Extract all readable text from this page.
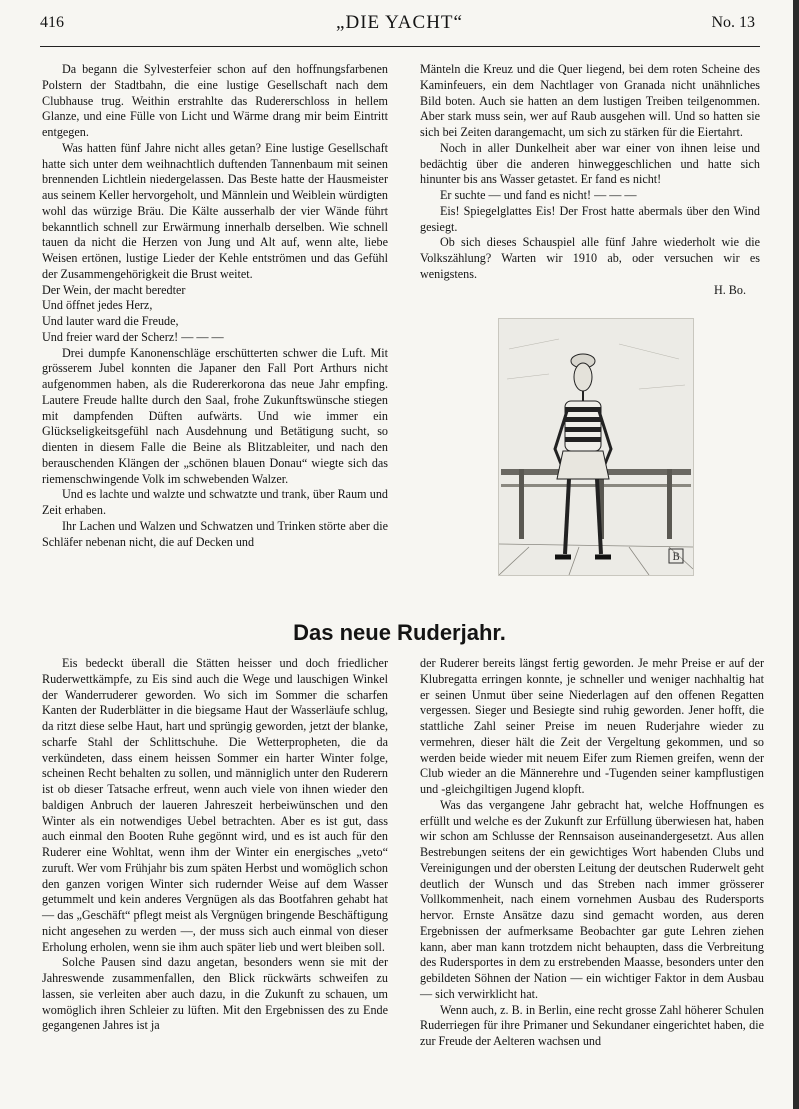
416	„DIE YACHT“	No. 13

Da begann die Sylvesterfeier schon auf den hoffnungsfarbenen Polstern der Stadtbahn, die eine lustige Gesellschaft nach dem Clubhause trug. Weithin erstrahlte das Rudererschloss in hellem Glanze, und eine Fülle von Licht und Wärme drang mir beim Eintritt entgegen.

Was hatten fünf Jahre nicht alles getan? Eine lustige Gesellschaft hatte sich unter dem weihnachtlich duftenden Tannenbaum mit seinen brennenden Lichtlein niedergelassen. Das Beste hatte der Hausmeister aus seinem Keller hervorgeholt, und Männlein und Weiblein würdigten wohl das würzige Bräu. Die Kälte ausserhalb der vier Wände führt bekanntlich schnell zur Erwärmung innerhalb derselben. Wie schnell tauen da nicht die Herzen von Jung und Alt auf, wenn alte, liebe Weisen ertönen, lustige Lieder der Kehle entströmen und das Gefühl der Zusammengehörigkeit die Brust weitet.

Der Wein, der macht beredter

Und öffnet jedes Herz,

Und lauter ward die Freude,

Und freier ward der Scherz! — — —

Drei dumpfe Kanonenschläge erschütterten schwer die Luft. Mit grösserem Jubel konnten die Japaner den Fall Port Arthurs nicht aufgenommen haben, als die Rudererkorona das neue Jahr empfing. Lautere Freude hallte durch den Saal, frohe Zukunftswünsche stiegen mit dampfenden Düften aufwärts. Und wie immer ein Glückseligkeitsgefühl nach Ausdehnung und Betätigung sucht, so dienten in diesem Falle die Beine als Blitzableiter, und nach den berauschenden Klängen der „schönen blauen Donau“ wiegte sich das riemenschwingende Volk im schwebenden Walzer.

Und es lachte und walzte und schwatzte und trank, über Raum und Zeit erhaben.

Ihr Lachen und Walzen und Schwatzen und Trinken störte aber die Schläfer nebenan nicht, die auf Decken und

Mänteln die Kreuz und die Quer liegend, bei dem roten Scheine des Kaminfeuers, ein dem Nachtlager von Granada nicht unähnliches Bild boten. Auch sie hatten an dem lustigen Treiben teilgenommen. Aber stark muss sein, wer auf Raub ausgehen will. Und so hatten sie sich bei Zeiten darangemacht, um sich zu stärken für die Eiertahrt.

Noch in aller Dunkelheit aber war einer von ihnen leise und bedächtig über die anderen hinweggeschlichen und hatte sich hinunter bis ans Wasser getastet. Er fand es nicht!

Er suchte — und fand es nicht! — — —

Eis! Spiegelglattes Eis! Der Frost hatte abermals über den Wind gesiegt.

Ob sich dieses Schauspiel alle fünf Jahre wiederholt wie die Volkszählung? Warten wir 1910 ab, oder versuchen wir es wenigstens.

H. Bo.
B
Das neue Ruderjahr.

Eis bedeckt überall die Stätten heisser und doch friedlicher Ruderwettkämpfe, zu Eis sind auch die Wege und lauschigen Winkel der Wanderruderer geworden. Wo sich im Sommer die scharfen Kanten der Ruderblätter in die biegsame Haut der Wasserläufe schlug, da ritzt diese selbe Haut, hart und sprüngig geworden, jetzt der blanke, scharfe Stahl der Schlittschuhe. Die Wetterpropheten, die da verkündeten, dass einem heissen Sommer ein harter Winter folge, scheinen Recht behalten zu sollen, und männiglich unter den Ruderern ist ob dieser Tatsache erfreut, wenn auch viele von ihnen wieder den baldigen Anbruch der laueren Jahreszeit herbeiwünschen und den Winter als ein notwendiges Uebel betrachten. Aber es ist gut, dass auch einmal den Booten Ruhe gegönnt wird, und es ist auch für den Ruderer eine Wohltat, wenn ihm der Winter ein energisches „veto“ zuruft. Wer vom Frühjahr bis zum späten Herbst und womöglich schon den ganzen vorigen Winter sich rudernder Weise auf dem Wasser getummelt und kein anderes Vergnügen als das Bootfahren gehabt hat — das „Geschäft“ pflegt meist als Vergnügen bringende Beschäftigung nicht angesehen zu werden —, der muss sich auch einmal von dieser Erholung erholen, wenn sie ihm auch später lieb und wert bleiben soll.

Solche Pausen sind dazu angetan, besonders wenn sie mit der Jahreswende zusammenfallen, den Blick rückwärts schweifen zu lassen, sie verleiten aber auch dazu, in die Zukunft zu schauen, um womöglich ihren Schleier zu lüften. Mit den Ergebnissen des zu Ende gegangenen Jahres ist ja

der Ruderer bereits längst fertig geworden. Je mehr Preise er auf der Klubregatta erringen konnte, je schneller und weniger nachhaltig hat er seinen Unmut über seine Niederlagen auf den offenen Regatten vergessen. Sieger und Besiegte sind ruhig geworden. Jener hofft, die stattliche Zahl seiner Preise im neuen Ruderjahre wieder zu vermehren, dieser hält die Zeit der Vergeltung gekommen, und so werden beide wieder mit neuem Eifer zum Riemen greifen, wenn der Club wieder an die Männerehre und -Tugenden seiner kampflustigen und -gleichgiltigen Jugend klopft.

Was das vergangene Jahr gebracht hat, welche Hoffnungen es erfüllt und welche es der Zukunft zur Erfüllung überwiesen hat, haben wir schon am Schlusse der Rennsaison auseinandergesetzt. Aus allen Bestrebungen seitens der ein gewichtiges Wort habenden Clubs und Vereinigungen und der obersten Leitung der deutschen Ruderwelt geht deutlich der Wunsch und das Streben nach immer grösserer Vollkommenheit, nach einem vornehmen Ausbau des Rudersports hervor. Ernste Ansätze dazu sind gemacht worden, aus deren Ergebnissen der aufmerksame Beobachter gar gute Lehren ziehen kann, aber man kann trotzdem nicht behaupten, dass die Verbreitung des Rudersportes in dem zu erstrebenden Maasse, besonders unter den gebildeten Söhnen der Nation — ein wichtiger Faktor in dem Ausbau — sich verwirklicht hat.

Wenn auch, z. B. in Berlin, eine recht grosse Zahl höherer Schulen Ruderriegen für ihre Primaner und Sekundaner eingerichtet haben, die zur Freude der Aelteren wachsen und
